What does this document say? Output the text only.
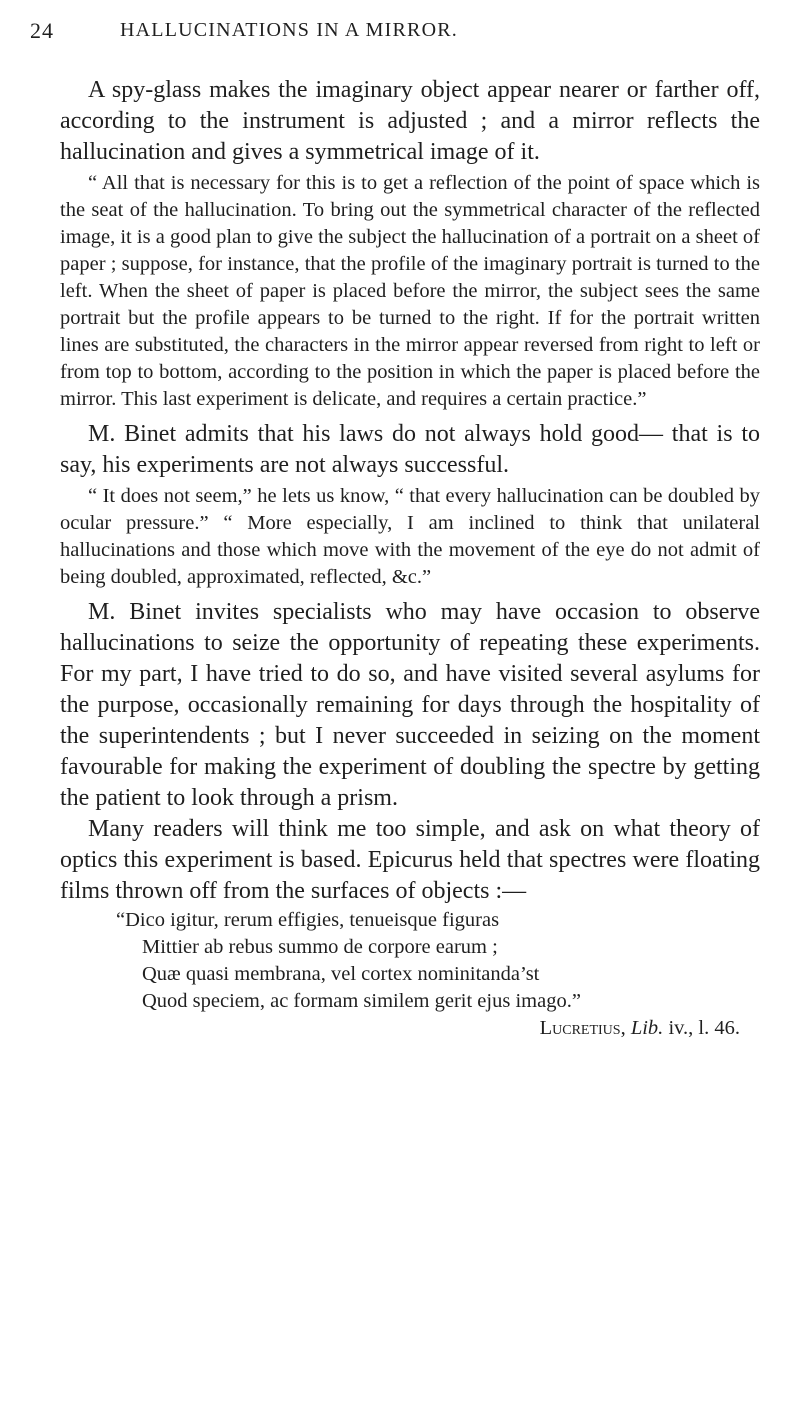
24	HALLUCINATIONS IN A MIRROR.

A spy-glass makes the imaginary object appear nearer or farther off, according to the instrument is adjusted ; and a mirror reflects the hallucination and gives a symmetrical image of it.

“ All that is necessary for this is to get a reflection of the point of space which is the seat of the hallucination. To bring out the symmetrical character of the reflected image, it is a good plan to give the subject the hallucination of a portrait on a sheet of paper ; suppose, for instance, that the profile of the imaginary portrait is turned to the left. When the sheet of paper is placed before the mirror, the subject sees the same portrait but the profile appears to be turned to the right. If for the portrait written lines are substituted, the characters in the mirror appear reversed from right to left or from top to bottom, according to the position in which the paper is placed before the mirror. This last experiment is delicate, and requires a certain practice.”

M. Binet admits that his laws do not always hold good— that is to say, his experiments are not always successful.

“ It does not seem,” he lets us know, “ that every hallucination can be doubled by ocular pressure.” “ More especially, I am inclined to think that unilateral hallucinations and those which move with the movement of the eye do not admit of being doubled, approximated, reflected, &c.”

M. Binet invites specialists who may have occasion to observe hallucinations to seize the opportunity of repeating these experiments. For my part, I have tried to do so, and have visited several asylums for the purpose, occasionally remaining for days through the hospitality of the superintendents ; but I never succeeded in seizing on the moment favourable for making the experiment of doubling the spectre by getting the patient to look through a prism.

Many readers will think me too simple, and ask on what theory of optics this experiment is based. Epicurus held that spectres were floating films thrown off from the surfaces of objects :—

“Dico igitur, rerum effigies, tenueisque figuras
Mittier ab rebus summo de corpore earum ;
Quæ quasi membrana, vel cortex nominitanda’st
Quod speciem, ac formam similem gerit ejus imago.”
Lucretius, Lib. iv., l. 46.
